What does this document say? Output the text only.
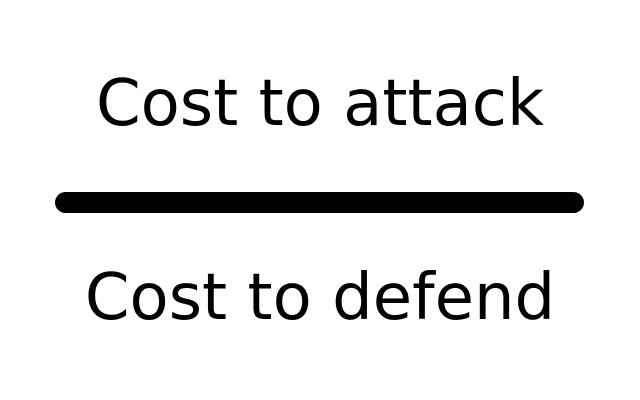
Cost to attack
Cost to defend
